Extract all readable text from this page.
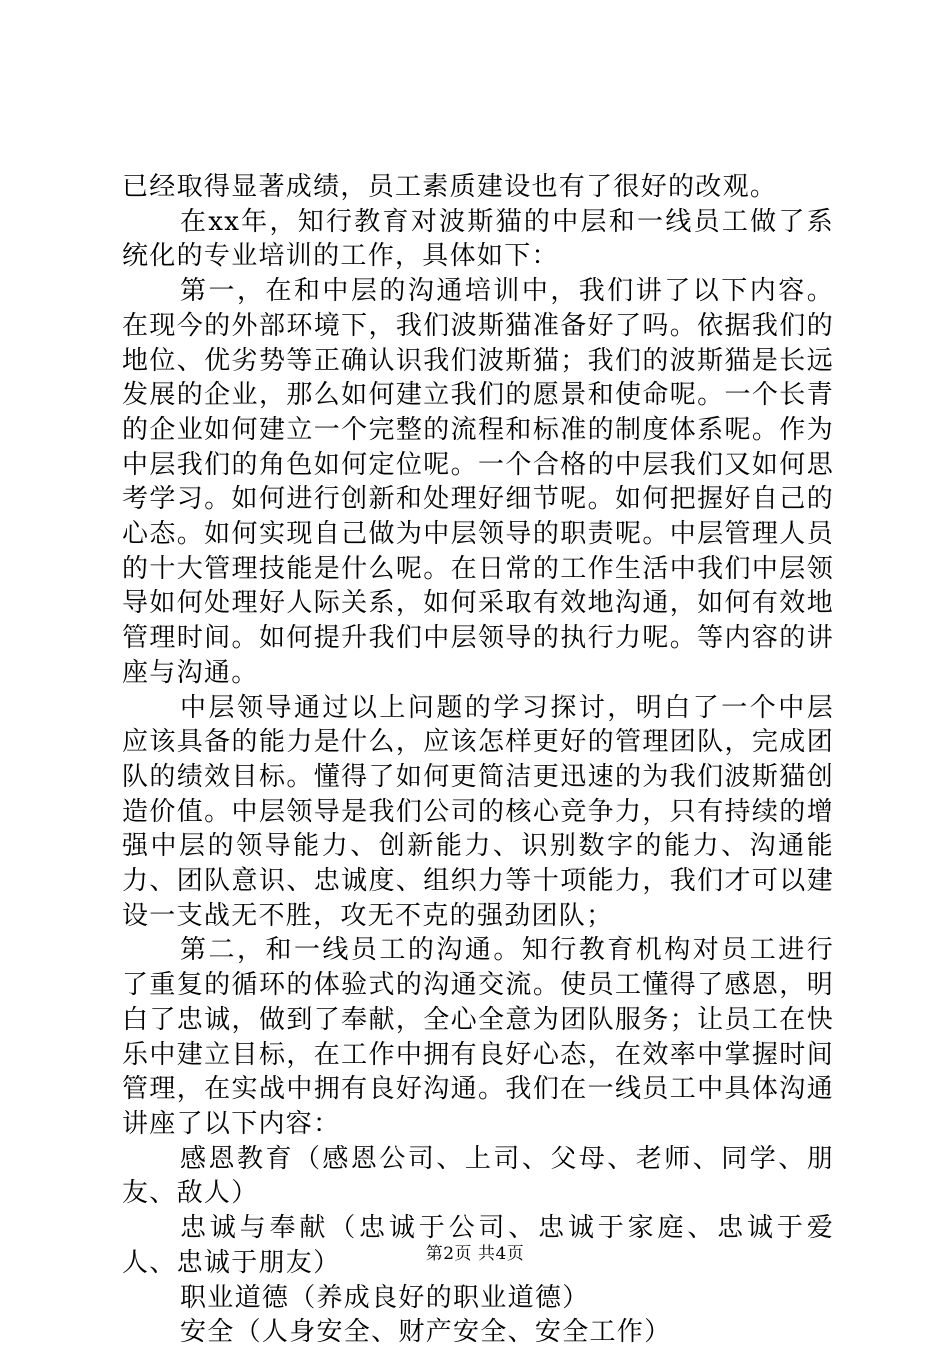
已经取得显著成绩，员工素质建设也有了很好的改观。

在xx年，知行教育对波斯猫的中层和一线员工做了系统化的专业培训的工作，具体如下：

第一，在和中层的沟通培训中，我们讲了以下内容。在现今的外部环境下，我们波斯猫准备好了吗。依据我们的地位、优劣势等正确认识我们波斯猫；我们的波斯猫是长远发展的企业，那么如何建立我们的愿景和使命呢。一个长青的企业如何建立一个完整的流程和标准的制度体系呢。作为中层我们的角色如何定位呢。一个合格的中层我们又如何思考学习。如何进行创新和处理好细节呢。如何把握好自己的心态。如何实现自己做为中层领导的职责呢。中层管理人员的十大管理技能是什么呢。在日常的工作生活中我们中层领导如何处理好人际关系，如何采取有效地沟通，如何有效地管理时间。如何提升我们中层领导的执行力呢。等内容的讲座与沟通。

中层领导通过以上问题的学习探讨，明白了一个中层应该具备的能力是什么，应该怎样更好的管理团队，完成团队的绩效目标。懂得了如何更简洁更迅速的为我们波斯猫创造价值。中层领导是我们公司的核心竞争力，只有持续的增强中层的领导能力、创新能力、识别数字的能力、沟通能力、团队意识、忠诚度、组织力等十项能力，我们才可以建设一支战无不胜，攻无不克的强劲团队；

第二，和一线员工的沟通。知行教育机构对员工进行了重复的循环的体验式的沟通交流。使员工懂得了感恩，明白了忠诚，做到了奉献，全心全意为团队服务；让员工在快乐中建立目标，在工作中拥有良好心态，在效率中掌握时间管理，在实战中拥有良好沟通。我们在一线员工中具体沟通讲座了以下内容：

感恩教育（感恩公司、上司、父母、老师、同学、朋友、敌人）

忠诚与奉献（忠诚于公司、忠诚于家庭、忠诚于爱人、忠诚于朋友）

职业道德（养成良好的职业道德）

安全（人身安全、财产安全、安全工作）

第2页 共4页
